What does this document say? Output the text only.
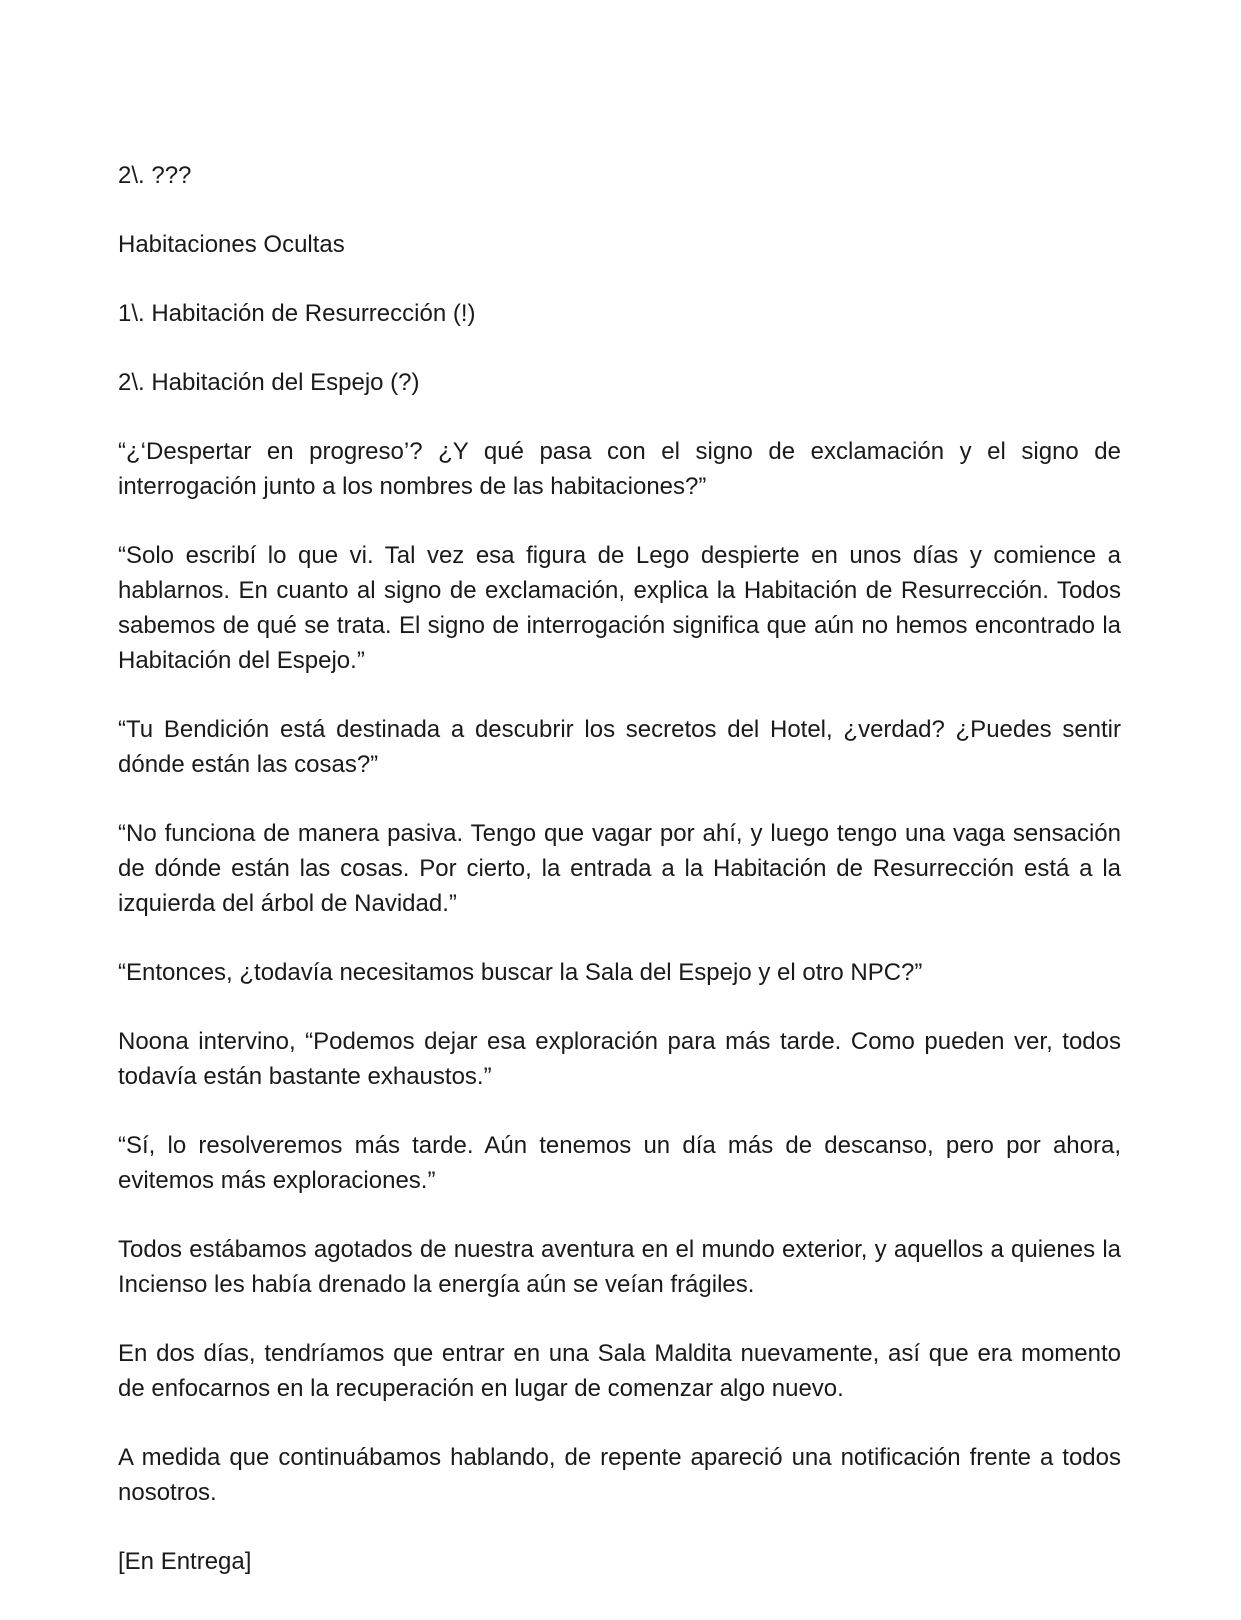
2\. ???

Habitaciones Ocultas

1\. Habitación de Resurrección (!)

2\. Habitación del Espejo (?)

“¿‘Despertar en progreso’? ¿Y qué pasa con el signo de exclamación y el signo de interrogación junto a los nombres de las habitaciones?”

“Solo escribí lo que vi. Tal vez esa figura de Lego despierte en unos días y comience a hablarnos. En cuanto al signo de exclamación, explica la Habitación de Resurrección. Todos sabemos de qué se trata. El signo de interrogación significa que aún no hemos encontrado la Habitación del Espejo.”

“Tu Bendición está destinada a descubrir los secretos del Hotel, ¿verdad? ¿Puedes sentir dónde están las cosas?”

“No funciona de manera pasiva. Tengo que vagar por ahí, y luego tengo una vaga sensación de dónde están las cosas. Por cierto, la entrada a la Habitación de Resurrección está a la izquierda del árbol de Navidad.”

“Entonces, ¿todavía necesitamos buscar la Sala del Espejo y el otro NPC?”

Noona intervino, “Podemos dejar esa exploración para más tarde. Como pueden ver, todos todavía están bastante exhaustos.”

“Sí, lo resolveremos más tarde. Aún tenemos un día más de descanso, pero por ahora, evitemos más exploraciones.”

Todos estábamos agotados de nuestra aventura en el mundo exterior, y aquellos a quienes la Incienso les había drenado la energía aún se veían frágiles.

En dos días, tendríamos que entrar en una Sala Maldita nuevamente, así que era momento de enfocarnos en la recuperación en lugar de comenzar algo nuevo.

A medida que continuábamos hablando, de repente apareció una notificación frente a todos nosotros.

[En Entrega]
